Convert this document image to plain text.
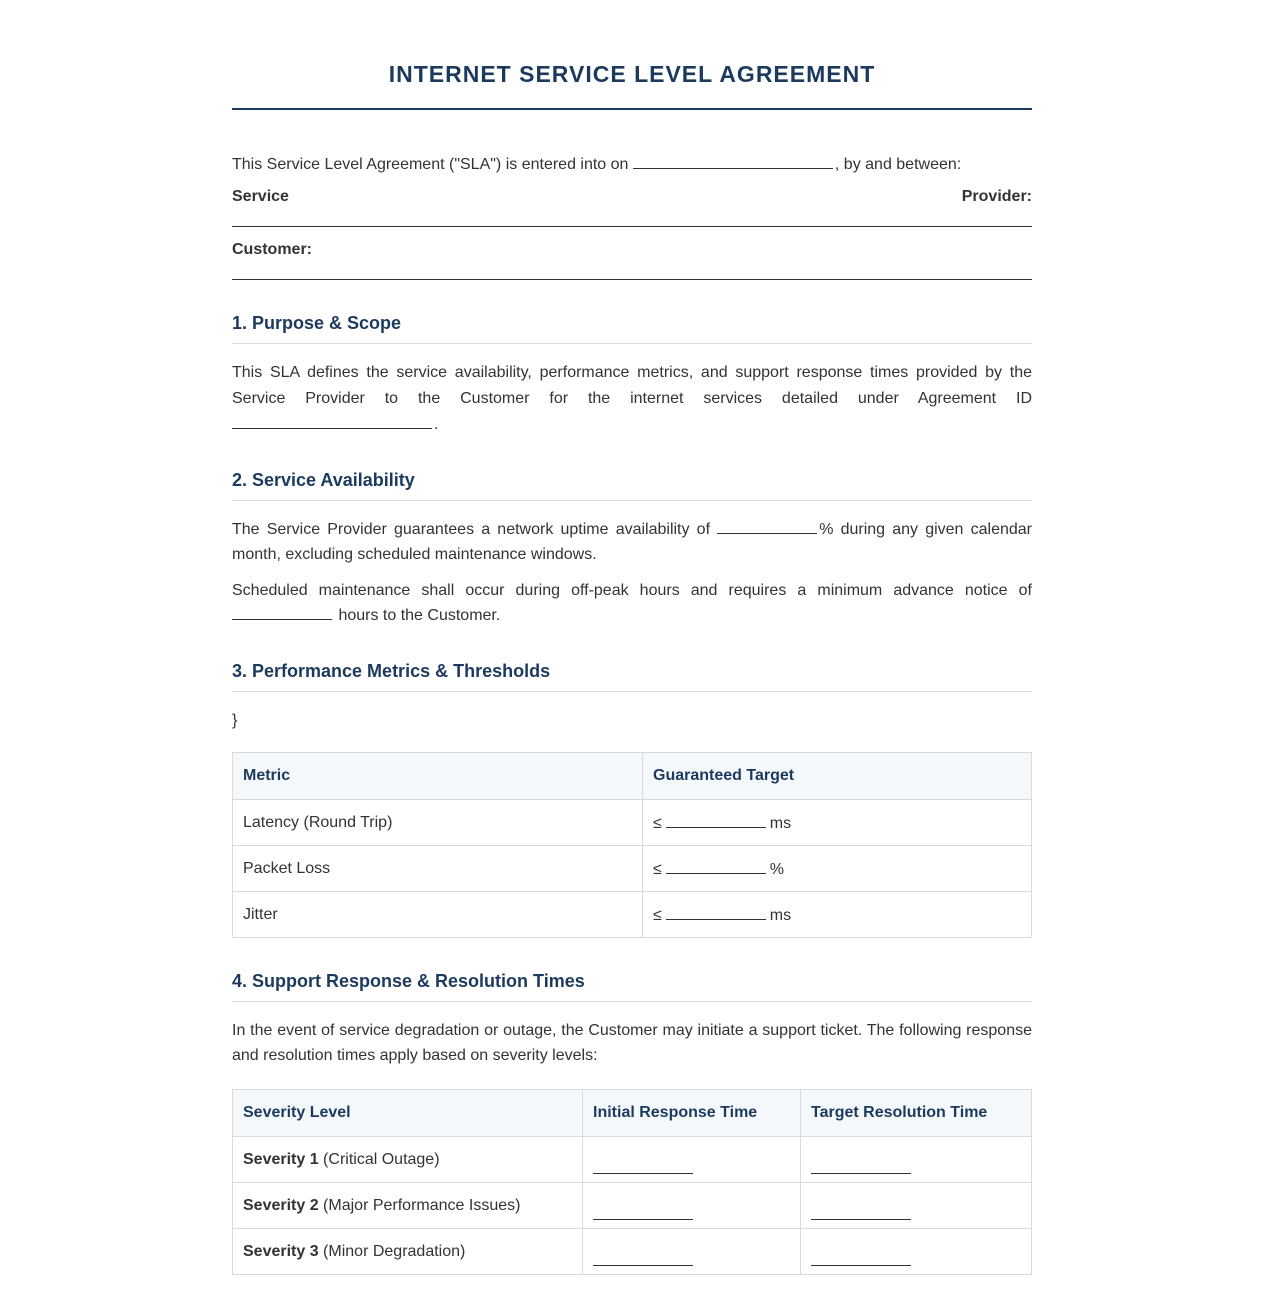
INTERNET SERVICE LEVEL AGREEMENT

This Service Level Agreement ("SLA") is entered into on	, by and between:

Service	Provider:
Customer:
1. Purpose & Scope

This SLA defines the service availability, performance metrics, and support response times provided by the Service Provider to the Customer for the internet services detailed under Agreement ID .

2. Service Availability

The Service Provider guarantees a network uptime availability of	% during any given calendar month, excluding scheduled maintenance windows.

Scheduled maintenance shall occur during off-peak hours and requires a minimum advance notice of  hours to the Customer.

3. Performance Metrics & Thresholds

}

Metric	Guaranteed Target
Latency (Round Trip)	≤ ms
Packet Loss	≤ %
Jitter	≤ ms
4. Support Response & Resolution Times

In the event of service degradation or outage, the Customer may initiate a support ticket. The following response and resolution times apply based on severity levels:

Severity Level	Initial Response Time	Target Resolution Time
Severity 1 (Critical Outage)		
Severity 2 (Major Performance Issues)		
Severity 3 (Minor Degradation)		
